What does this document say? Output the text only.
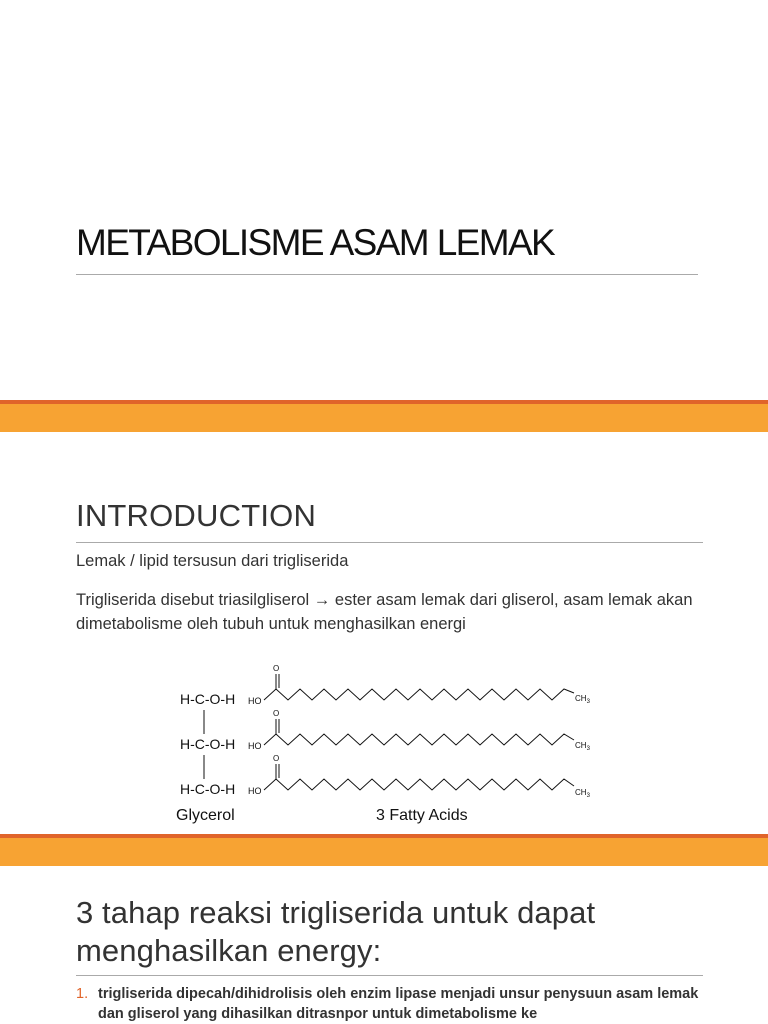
METABOLISME ASAM LEMAK
INTRODUCTION

Lemak / lipid tersusun dari trigliserida

Trigliserida disebut triasilgliserol → ester asam lemak dari gliserol, asam lemak akan dimetabolisme oleh tubuh untuk menghasilkan energi

H-C-O-H
H-C-O-H
H-C-O-H
HO
O
$CH_3$
HO
O
$CH_3$
HO
O
$CH_3$
Glycerol	3 Fatty Acids
3 tahap reaksi trigliserida untuk dapat menghasilkan energy:
1. trigliserida dipecah/dihidrolisis oleh enzim lipase menjadi unsur penysuun asam lemak dan gliserol yang dihasilkan ditrasnpor untuk dimetabolisme ke
